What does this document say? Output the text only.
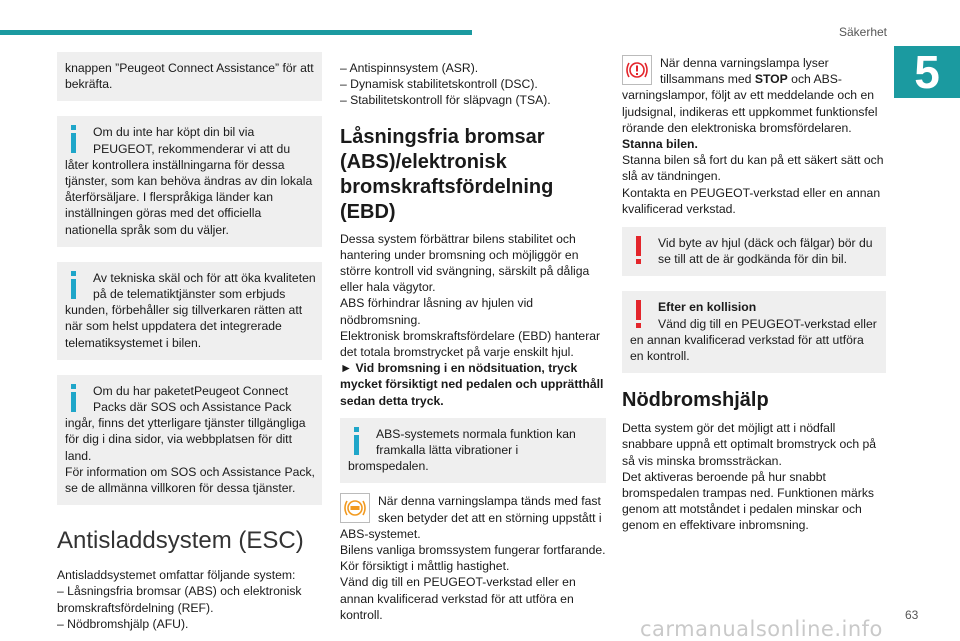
Säkerhet
5

knappen ”Peugeot Connect Assistance” för att bekräfta.

Om du inte har köpt din bil via PEUGEOT, rekommenderar vi att du låter kontrollera inställningarna för dessa tjänster, som kan behöva ändras av din lokala återförsäljare. I flerspråkiga länder kan inställningen göras med det officiella nationella språk som du väljer.

Av tekniska skäl och för att öka kvaliteten på de telematiktjänster som erbjuds kunden, förbehåller sig tillverkaren rätten att när som helst uppdatera det integrerade telematiksystemet i bilen.

Om du har paketetPeugeot Connect Packs där SOS och Assistance Pack ingår, finns det ytterligare tjänster tillgängliga för dig i dina sidor, via webbplatsen för ditt land.

För information om SOS och Assistance Pack, se de allmänna villkoren för dessa tjänster.

Antisladdsystem (ESC)

Antisladdsystemet omfattar följande system:

– Låsningsfria bromsar (ABS) och elektronisk bromskraftsfördelning (REF).

– Nödbromshjälp (AFU).

– Antispinnsystem (ASR).

– Dynamisk stabilitetskontroll (DSC).

– Stabilitetskontroll för släpvagn (TSA).

Låsningsfria bromsar (ABS)/elektronisk bromskraftsfördelning (EBD)

Dessa system förbättrar bilens stabilitet och hantering under bromsning och möjliggör en större kontroll vid svängning, särskilt på dåliga eller hala vägytor.

ABS förhindrar låsning av hjulen vid nödbromsning.

Elektronisk bromskraftsfördelare (EBD) hanterar det totala bromstrycket på varje enskilt hjul.

► Vid bromsning i en nödsituation, tryck mycket försiktigt ned pedalen och upprätthåll sedan detta tryck.

ABS-systemets normala funktion kan framkalla lätta vibrationer i bromspedalen.

När denna varningslampa tänds med fast sken betyder det att en störning uppstått i ABS-systemet.

Bilens vanliga bromssystem fungerar fortfarande.

Kör försiktigt i måttlig hastighet.

Vänd dig till en PEUGEOT-verkstad eller en annan kvalificerad verkstad för att utföra en kontroll.

När denna varningslampa lyser tillsammans med STOP och ABS-varningslampor, följt av ett meddelande och en ljudsignal, indikeras ett uppkommet funktionsfel rörande den elektroniska bromsfördelaren.

Stanna bilen.

Stanna bilen så fort du kan på ett säkert sätt och slå av tändningen.

Kontakta en PEUGEOT-verkstad eller en annan kvalificerad verkstad.

Vid byte av hjul (däck och fälgar) bör du se till att de är godkända för din bil.

Efter en kollision

Vänd dig till en PEUGEOT-verkstad eller en annan kvalificerad verkstad för att utföra en kontroll.

Nödbromshjälp

Detta system gör det möjligt att i nödfall snabbare uppnå ett optimalt bromstryck och på så vis minska bromssträckan.

Det aktiveras beroende på hur snabbt bromspedalen trampas ned. Funktionen märks genom att motståndet i pedalen minskar och genom en effektivare inbromsning.

63
carmanualsonline.info
